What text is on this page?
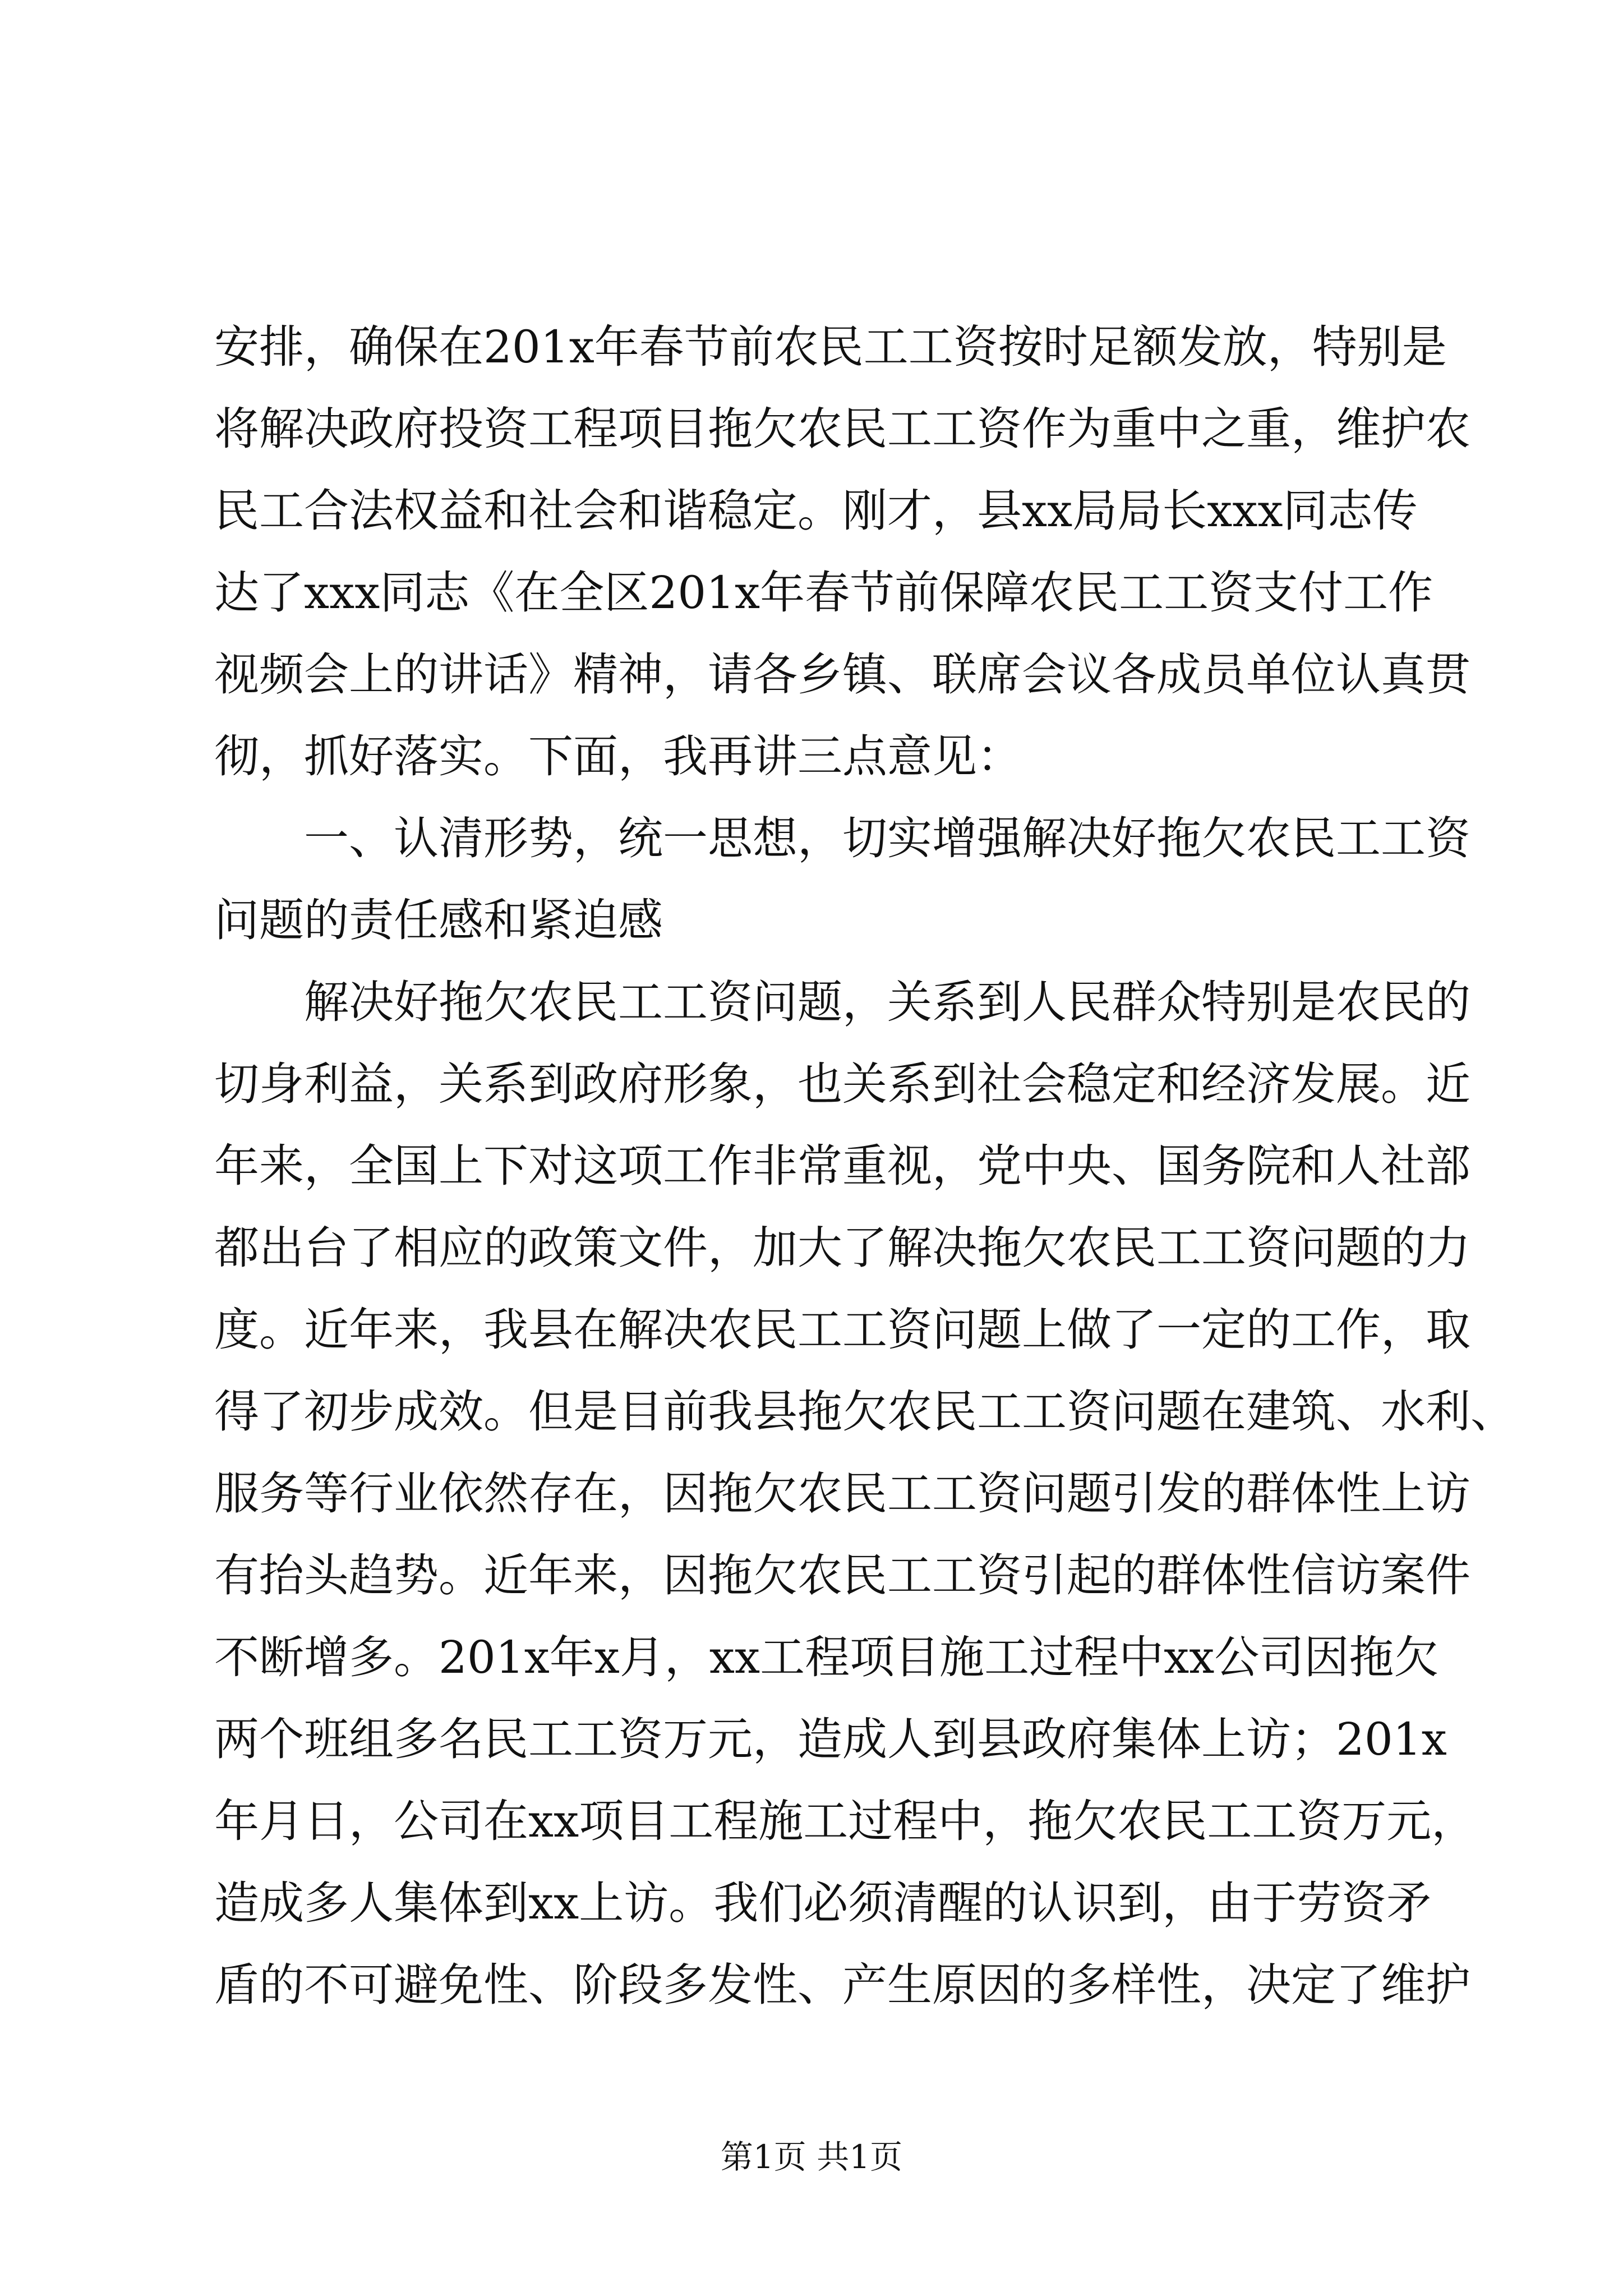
安排，确保在201x年春节前农民工工资按时足额发放，特别是
将解决政府投资工程项目拖欠农民工工资作为重中之重，维护农
民工合法权益和社会和谐稳定。刚才，县xx局局长xxx同志传
达了xxx同志《在全区201x年春节前保障农民工工资支付工作
视频会上的讲话》精神，请各乡镇、联席会议各成员单位认真贯
彻，抓好落实。下面，我再讲三点意见：
一、认清形势，统一思想，切实增强解决好拖欠农民工工资
问题的责任感和紧迫感
解决好拖欠农民工工资问题，关系到人民群众特别是农民的
切身利益，关系到政府形象，也关系到社会稳定和经济发展。近
年来，全国上下对这项工作非常重视，党中央、国务院和人社部
都出台了相应的政策文件，加大了解决拖欠农民工工资问题的力
度。近年来，我县在解决农民工工资问题上做了一定的工作，取
得了初步成效。但是目前我县拖欠农民工工资问题在建筑、水利、
服务等行业依然存在，因拖欠农民工工资问题引发的群体性上访
有抬头趋势。近年来，因拖欠农民工工资引起的群体性信访案件
不断增多。201x年x月，xx工程项目施工过程中xx公司因拖欠
两个班组多名民工工资万元，造成人到县政府集体上访；201x
年月日，公司在xx项目工程施工过程中，拖欠农民工工资万元，
造成多人集体到xx上访。我们必须清醒的认识到，由于劳资矛
盾的不可避免性、阶段多发性、产生原因的多样性，决定了维护
第1页 共1页
